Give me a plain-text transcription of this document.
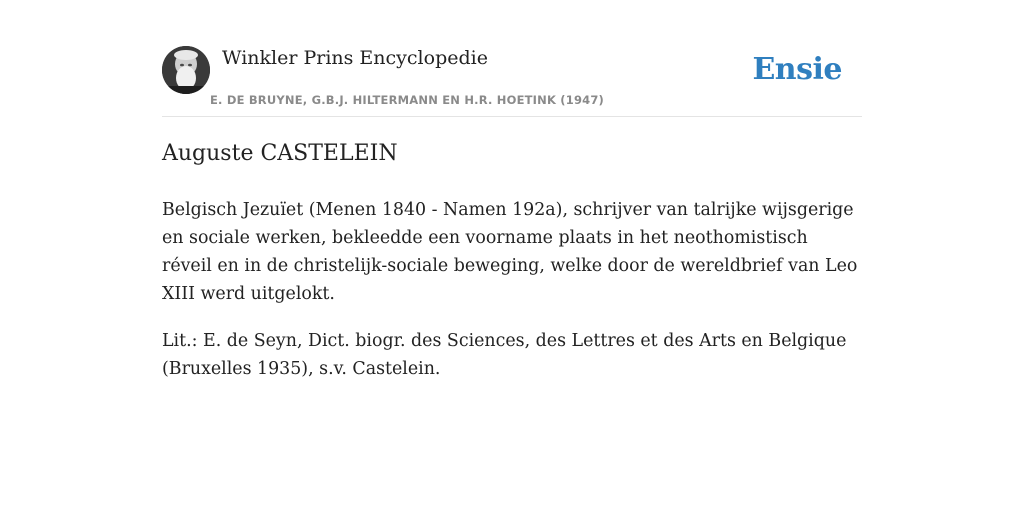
Winkler Prins Encyclopedie
E. DE BRUYNE, G.B.J. HILTERMANN EN H.R. HOETINK (1947)
Ensie
Auguste CASTELEIN

Belgisch Jezuïet (Menen 1840 - Namen 192a), schrijver van talrijke wijsgerige en sociale werken, bekleedde een voorname plaats in het neothomistisch réveil en in de christelijk-sociale beweging, welke door de wereldbrief van Leo XIII werd uitgelokt.

Lit.: E. de Seyn, Dict. biogr. des Sciences, des Lettres et des Arts en Belgique (Bruxelles 1935), s.v. Castelein.
